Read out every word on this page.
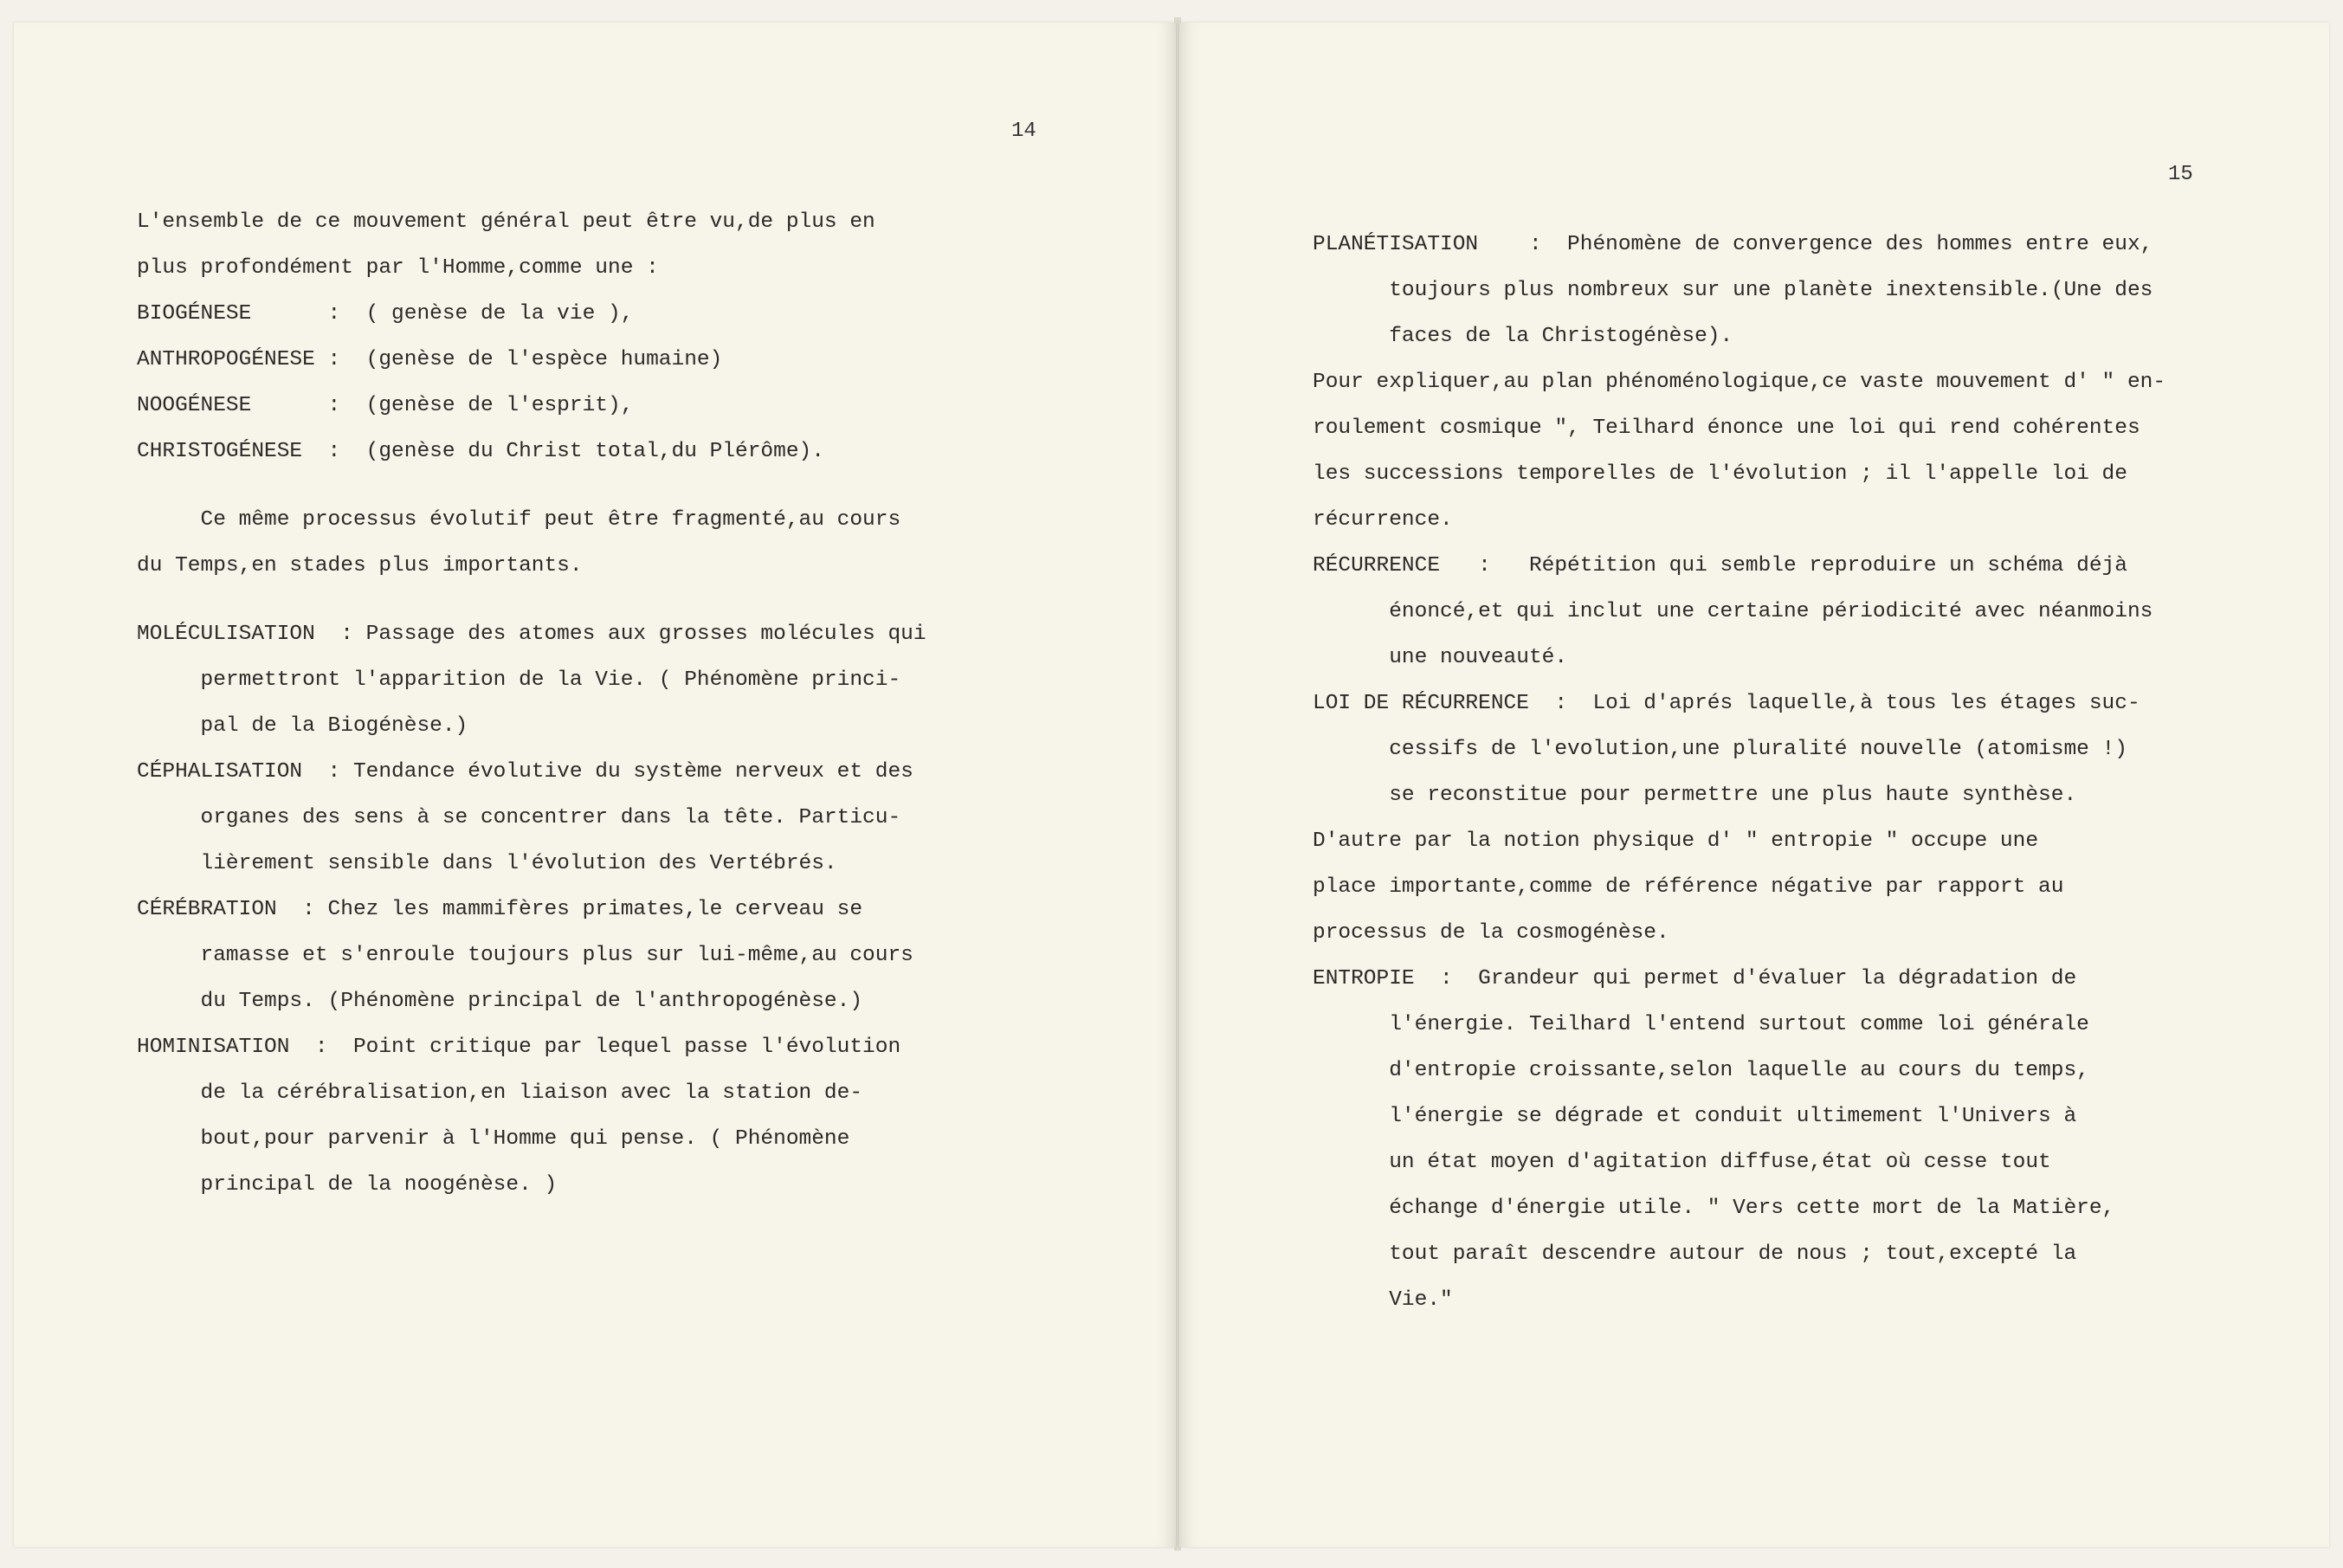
14

L'ensemble de ce mouvement général peut être vu,de plus en

plus profondément par l'Homme,comme une :

BIOGÉNESE      :  ( genèse de la vie ),

ANTHROPOGÉNESE :  (genèse de l'espèce humaine)

NOOGÉNESE      :  (genèse de l'esprit),

CHRISTOGÉNESE  :  (genèse du Christ total,du Plérôme).

Ce même processus évolutif peut être fragmenté,au cours

du Temps,en stades plus importants.

MOLÉCULISATION  : Passage des atomes aux grosses molécules qui

permettront l'apparition de la Vie. ( Phénomène princi-

pal de la Biogénèse.)

CÉPHALISATION  : Tendance évolutive du système nerveux et des

organes des sens à se concentrer dans la tête. Particu-

lièrement sensible dans l'évolution des Vertébrés.

CÉRÉBRATION  : Chez les mammifères primates,le cerveau se

ramasse et s'enroule toujours plus sur lui-même,au cours

du Temps. (Phénomène principal de l'anthropogénèse.)

HOMINISATION  :  Point critique par lequel passe l'évolution

de la cérébralisation,en liaison avec la station de-

bout,pour parvenir à l'Homme qui pense. ( Phénomène

principal de la noogénèse. )

15

PLANÉTISATION    :  Phénomène de convergence des hommes entre eux,

toujours plus nombreux sur une planète inextensible.(Une des

faces de la Christogénèse).

Pour expliquer,au plan phénoménologique,ce vaste mouvement d' " en-

roulement cosmique ", Teilhard énonce une loi qui rend cohérentes

les successions temporelles de l'évolution ; il l'appelle loi de

récurrence.

RÉCURRENCE   :   Répétition qui semble reproduire un schéma déjà

énoncé,et qui inclut une certaine périodicité avec néanmoins

une nouveauté.

LOI DE RÉCURRENCE  :  Loi d'aprés laquelle,à tous les étages suc-

cessifs de l'evolution,une pluralité nouvelle (atomisme !)

se reconstitue pour permettre une plus haute synthèse.

D'autre par la notion physique d' " entropie " occupe une

place importante,comme de référence négative par rapport au

processus de la cosmogénèse.

ENTROPIE  :  Grandeur qui permet d'évaluer la dégradation de

l'énergie. Teilhard l'entend surtout comme loi générale

d'entropie croissante,selon laquelle au cours du temps,

l'énergie se dégrade et conduit ultimement l'Univers à

un état moyen d'agitation diffuse,état où cesse tout

échange d'énergie utile. " Vers cette mort de la Matière,

tout paraît descendre autour de nous ; tout,excepté la

Vie."
